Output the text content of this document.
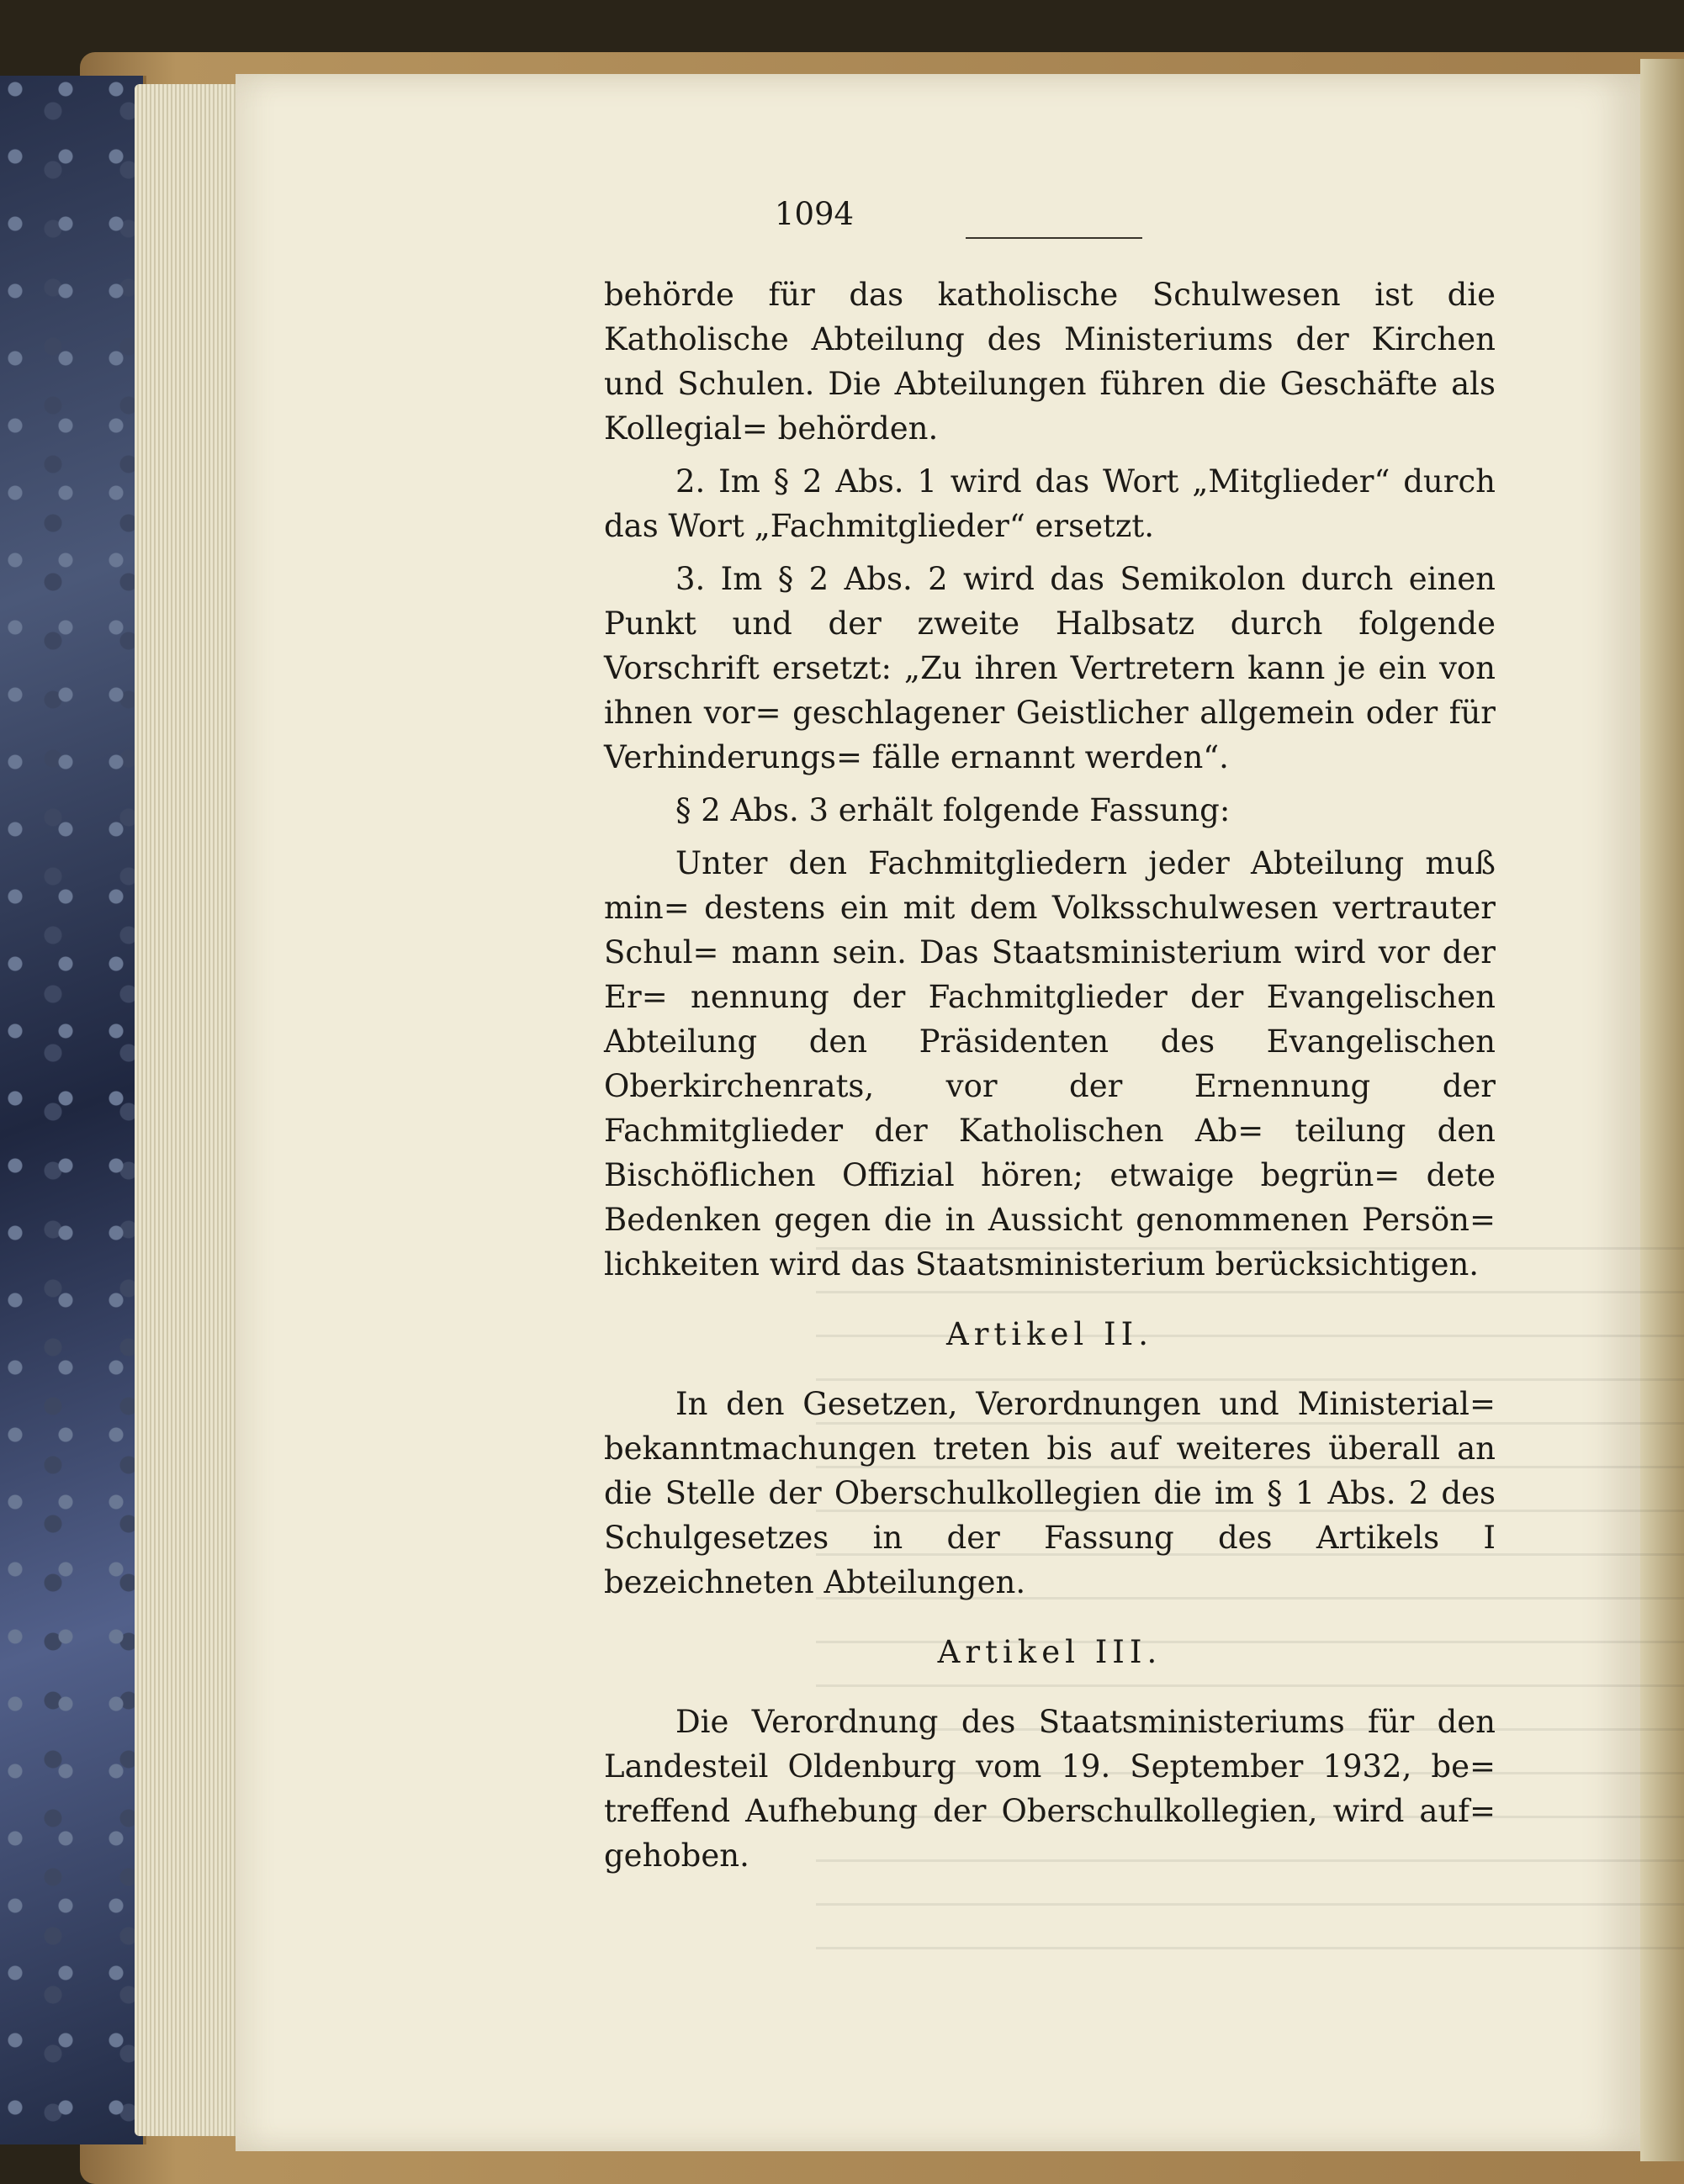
1094

behörde für das katholische Schulwesen ist die Katholische Abteilung des Ministeriums der Kirchen und Schulen. Die Abteilungen führen die Geschäfte als Kollegial= behörden.

2. Im § 2 Abs. 1 wird das Wort „Mitglieder“ durch das Wort „Fachmitglieder“ ersetzt.

3. Im § 2 Abs. 2 wird das Semikolon durch einen Punkt und der zweite Halbsatz durch folgende Vorschrift ersetzt: „Zu ihren Vertretern kann je ein von ihnen vor= geschlagener Geistlicher allgemein oder für Verhinderungs= fälle ernannt werden“.

§ 2 Abs. 3 erhält folgende Fassung:

Unter den Fachmitgliedern jeder Abteilung muß min= destens ein mit dem Volksschulwesen vertrauter Schul= mann sein. Das Staatsministerium wird vor der Er= nennung der Fachmitglieder der Evangelischen Abteilung den Präsidenten des Evangelischen Oberkirchenrats, vor der Ernennung der Fachmitglieder der Katholischen Ab= teilung den Bischöflichen Offizial hören; etwaige begrün= dete Bedenken gegen die in Aussicht genommenen Persön= lichkeiten wird das Staatsministerium berücksichtigen.

Artikel II.

In den Gesetzen, Verordnungen und Ministerial= bekanntmachungen treten bis auf weiteres überall an die Stelle der Oberschulkollegien die im § 1 Abs. 2 des Schulgesetzes in der Fassung des Artikels I bezeichneten Abteilungen.

Artikel III.

Die Verordnung des Staatsministeriums für den Landesteil Oldenburg vom 19. September 1932, be= treffend Aufhebung der Oberschulkollegien, wird auf= gehoben.
